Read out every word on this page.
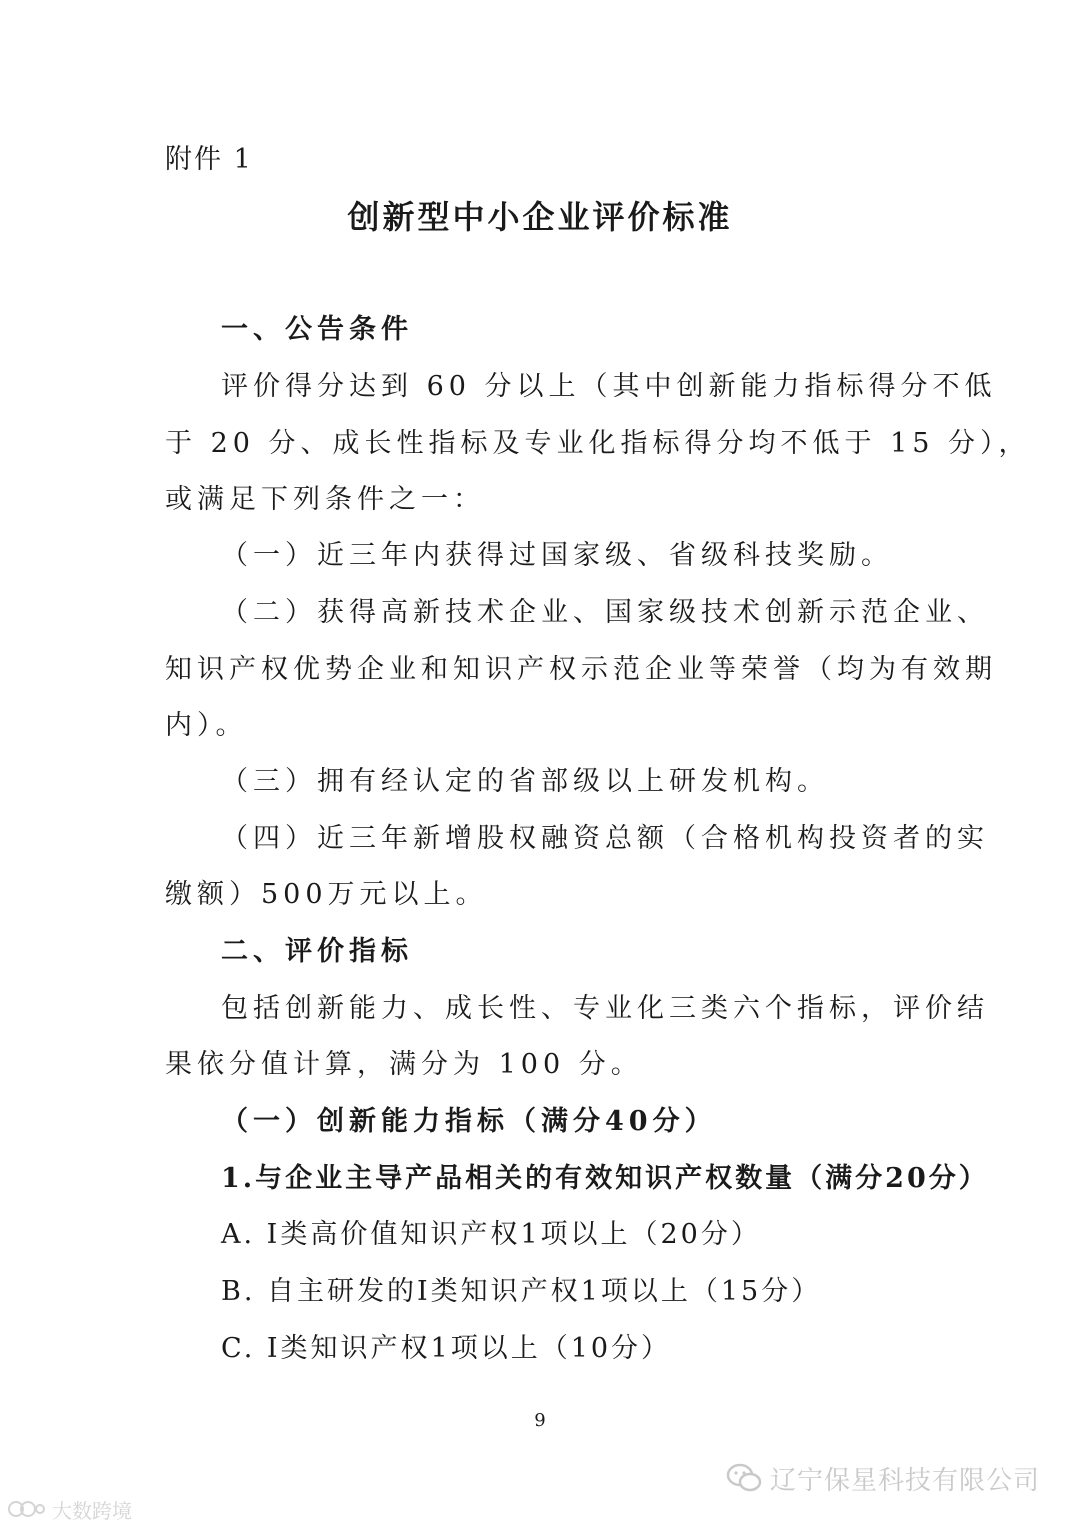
附件 1
创新型中小企业评价标准
一、公告条件
评价得分达到 60 分以上（其中创新能力指标得分不低
于 20 分、成长性指标及专业化指标得分均不低于 15 分），
或满足下列条件之一：
（一）近三年内获得过国家级、省级科技奖励。
（二）获得高新技术企业、国家级技术创新示范企业、
知识产权优势企业和知识产权示范企业等荣誉（均为有效期
内）。
（三）拥有经认定的省部级以上研发机构。
（四）近三年新增股权融资总额（合格机构投资者的实
缴额）500万元以上。
二、评价指标
包括创新能力、成长性、专业化三类六个指标，评价结
果依分值计算，满分为 100 分。
（一）创新能力指标（满分40分）
1.与企业主导产品相关的有效知识产权数量（满分20分）
A. I类高价值知识产权1项以上（20分）
B. 自主研发的I类知识产权1项以上（15分）
C. I类知识产权1项以上（10分）
9
辽宁保星科技有限公司
大数跨境
